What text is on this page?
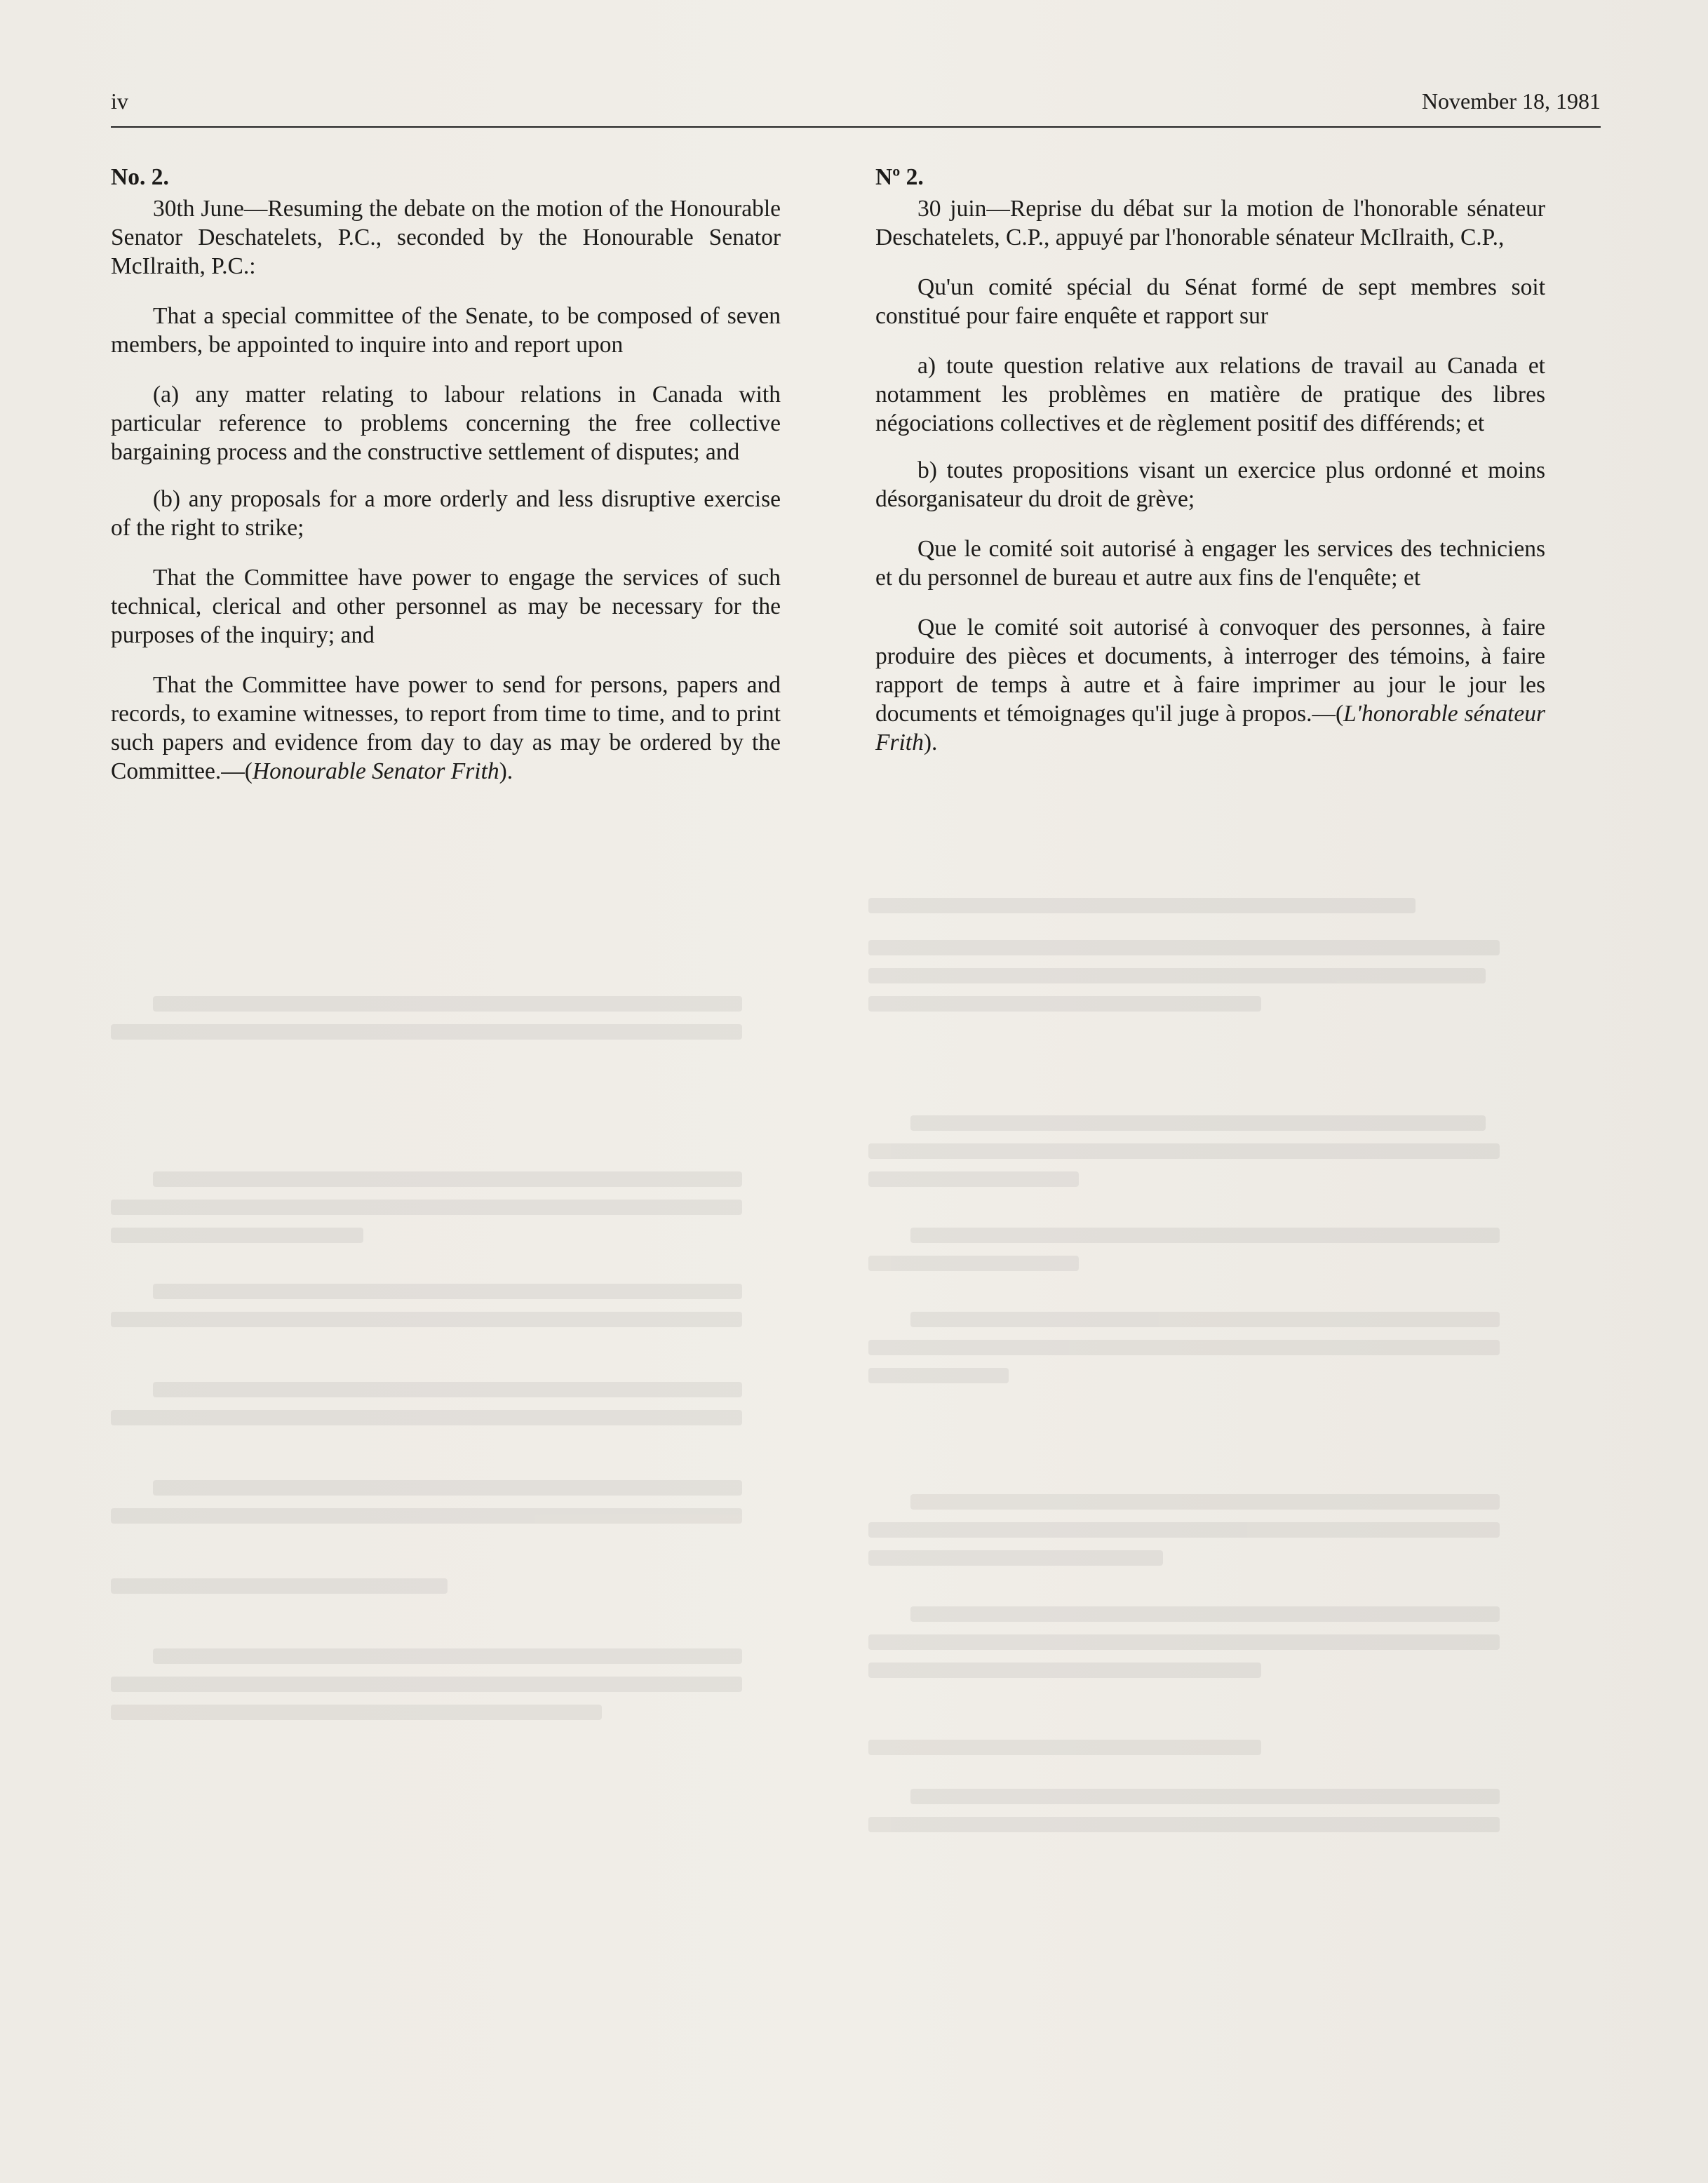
iv	November 18, 1981

No. 2.

30th June—Resuming the debate on the motion of the Honourable Senator Deschatelets, P.C., seconded by the Honourable Senator McIlraith, P.C.:

That a special committee of the Senate, to be composed of seven members, be appointed to inquire into and report upon

(a) any matter relating to labour relations in Canada with particular reference to problems concerning the free collective bargaining process and the constructive settlement of disputes; and

(b) any proposals for a more orderly and less disruptive exercise of the right to strike;

That the Committee have power to engage the services of such technical, clerical and other personnel as may be necessary for the purposes of the inquiry; and

That the Committee have power to send for persons, papers and records, to examine witnesses, to report from time to time, and to print such papers and evidence from day to day as may be ordered by the Committee.—(Honourable Senator Frith).

Nº 2.

30 juin—Reprise du débat sur la motion de l'honorable sénateur Deschatelets, C.P., appuyé par l'honorable sénateur McIlraith, C.P.,

Qu'un comité spécial du Sénat formé de sept membres soit constitué pour faire enquête et rapport sur

a) toute question relative aux relations de travail au Canada et notamment les problèmes en matière de pratique des libres négociations collectives et de règlement positif des différends; et

b) toutes propositions visant un exercice plus ordonné et moins désorganisateur du droit de grève;

Que le comité soit autorisé à engager les services des techniciens et du personnel de bureau et autre aux fins de l'enquête; et

Que le comité soit autorisé à convoquer des personnes, à faire produire des pièces et documents, à interroger des témoins, à faire rapport de temps à autre et à faire imprimer au jour le jour les documents et témoignages qu'il juge à propos.—(L'honorable sénateur Frith).
